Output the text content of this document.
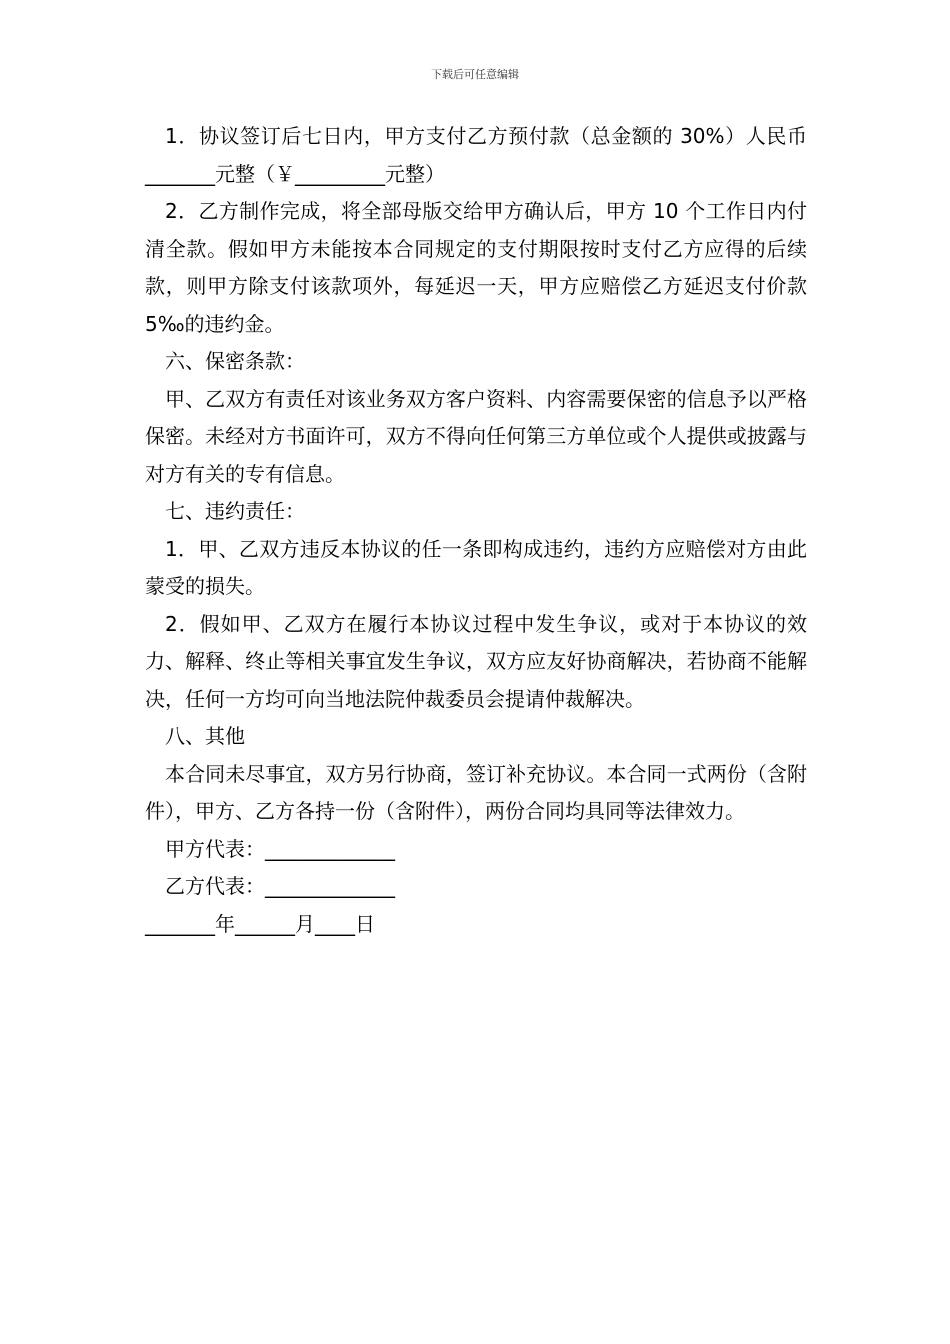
下载后可任意编辑

1．协议签订后七日内，甲方支付乙方预付款（总金额的 30%）人民币_______元整（￥_________元整）

2．乙方制作完成，将全部母版交给甲方确认后，甲方 10 个工作日内付清全款。假如甲方未能按本合同规定的支付期限按时支付乙方应得的后续款，则甲方除支付该款项外，每延迟一天，甲方应赔偿乙方延迟支付价款 5‰的违约金。

六、保密条款：

甲、乙双方有责任对该业务双方客户资料、内容需要保密的信息予以严格保密。未经对方书面许可，双方不得向任何第三方单位或个人提供或披露与对方有关的专有信息。

七、违约责任：

1．甲、乙双方违反本协议的任一条即构成违约，违约方应赔偿对方由此蒙受的损失。

2．假如甲、乙双方在履行本协议过程中发生争议，或对于本协议的效力、解释、终止等相关事宜发生争议，双方应友好协商解决，若协商不能解决，任何一方均可向当地法院仲裁委员会提请仲裁解决。

八、其他

本合同未尽事宜，双方另行协商，签订补充协议。本合同一式两份（含附件），甲方、乙方各持一份（含附件），两份合同均具同等法律效力。

甲方代表：_____________

乙方代表：_____________

_______年______月____日
